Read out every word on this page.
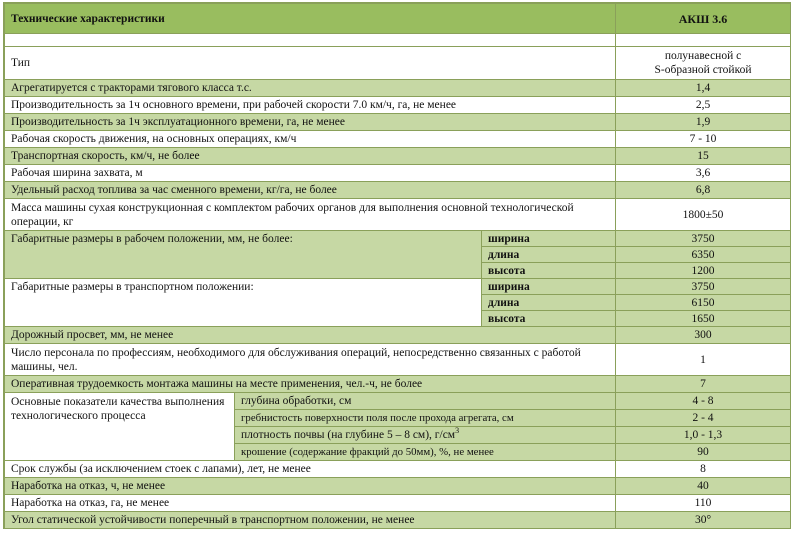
Технические характеристики			АКШ 3.6

Тип			полунавесной с
S-образной стойкой

Агрегатируется с тракторами тягового класса т.с.			1,4
Производительность за 1ч основного времени, при рабочей скорости 7.0 км/ч, га, не менее			2,5
Производительность за 1ч эксплуатационного времени, га, не менее			1,9
Рабочая скорость движения, на основных операциях, км/ч			7 - 10
Транспортная скорость, км/ч, не более			15
Рабочая ширина захвата, м			3,6
Удельный расход топлива за час сменного времени, кг/га, не более			6,8
Масса машины сухая конструкционная с комплектом рабочих органов для выполнения основной технологической операции, кг			1800±50
Габаритные размеры в рабочем положении, мм, не более:		ширина	3750
		длина	6350
		высота	1200
Габаритные размеры в транспортном положении:		ширина	3750
		длина	6150
		высота	1650
Дорожный просвет, мм, не менее			300
Число персонала по профессиям, необходимого для обслуживания операций, непосредственно связанных с работой машины, чел.			1
Оперативная трудоемкость монтажа машины на месте применения, чел.-ч, не более			7
Основные показатели качества выполнения технологического процесса	глубина обработки, см		4 - 8
	гребнистость поверхности поля после прохода агрегата, см		2 - 4
	плотность почвы (на глубине 5 – 8 см), $г/см^3$		1,0 - 1,3
	крошение (содержание фракций до 50мм), %, не менее		90
Срок службы (за исключением стоек с лапами), лет, не менее			8
Наработка на отказ, ч, не менее			40
Наработка на отказ, га, не менее			110
Угол статической устойчивости поперечный в транспортном положении, не менее			30°
